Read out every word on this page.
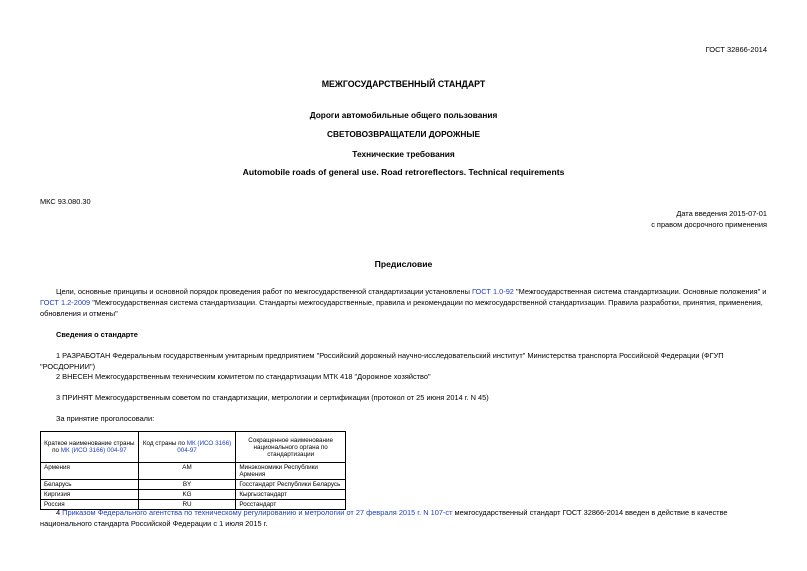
ГОСТ 32866-2014
МЕЖГОСУДАРСТВЕННЫЙ СТАНДАРТ
Дороги автомобильные общего пользования
СВЕТОВОЗВРАЩАТЕЛИ ДОРОЖНЫЕ
Технические требования
Automobile roads of general use. Road retroreflectors. Technical requirements
МКС 93.080.30
Дата введения 2015-07-01
с правом досрочного применения
Предисловие
Цели, основные принципы и основной порядок проведения работ по межгосударственной стандартизации установлены ГОСТ 1.0-92 "Межгосударственная система стандартизации. Основные положения" и ГОСТ 1.2-2009 "Межгосударственная система стандартизации. Стандарты межгосударственные, правила и рекомендации по межгосударственной стандартизации. Правила разработки, принятия, применения, обновления и отмены"
Сведения о стандарте
1 РАЗРАБОТАН Федеральным государственным унитарным предприятием "Российский дорожный научно-исследовательский институт" Министерства транспорта Российской Федерации (ФГУП "РОСДОРНИИ")
2 ВНЕСЕН Межгосударственным техническим комитетом по стандартизации МТК 418 "Дорожное хозяйство"
3 ПРИНЯТ Межгосударственным советом по стандартизации, метрологии и сертификации (протокол от 25 июня 2014 г. N 45)
За принятие проголосовали:
Краткое наименование страны по МК (ИСО 3166) 004-97	Код страны по МК (ИСО 3166) 004-97	Сокращенное наименование национального органа по стандартизации
Армения	AM	Минэкономики Республики Армения
Беларусь	BY	Госстандарт Республики Беларусь
Киргизия	KG	Кыргызстандарт
Россия	RU	Росстандарт
4 Приказом Федерального агентства по техническому регулированию и метрологии от 27 февраля 2015 г. N 107-ст межгосударственный стандарт ГОСТ 32866-2014 введен в действие в качестве национального стандарта Российской Федерации с 1 июля 2015 г.
